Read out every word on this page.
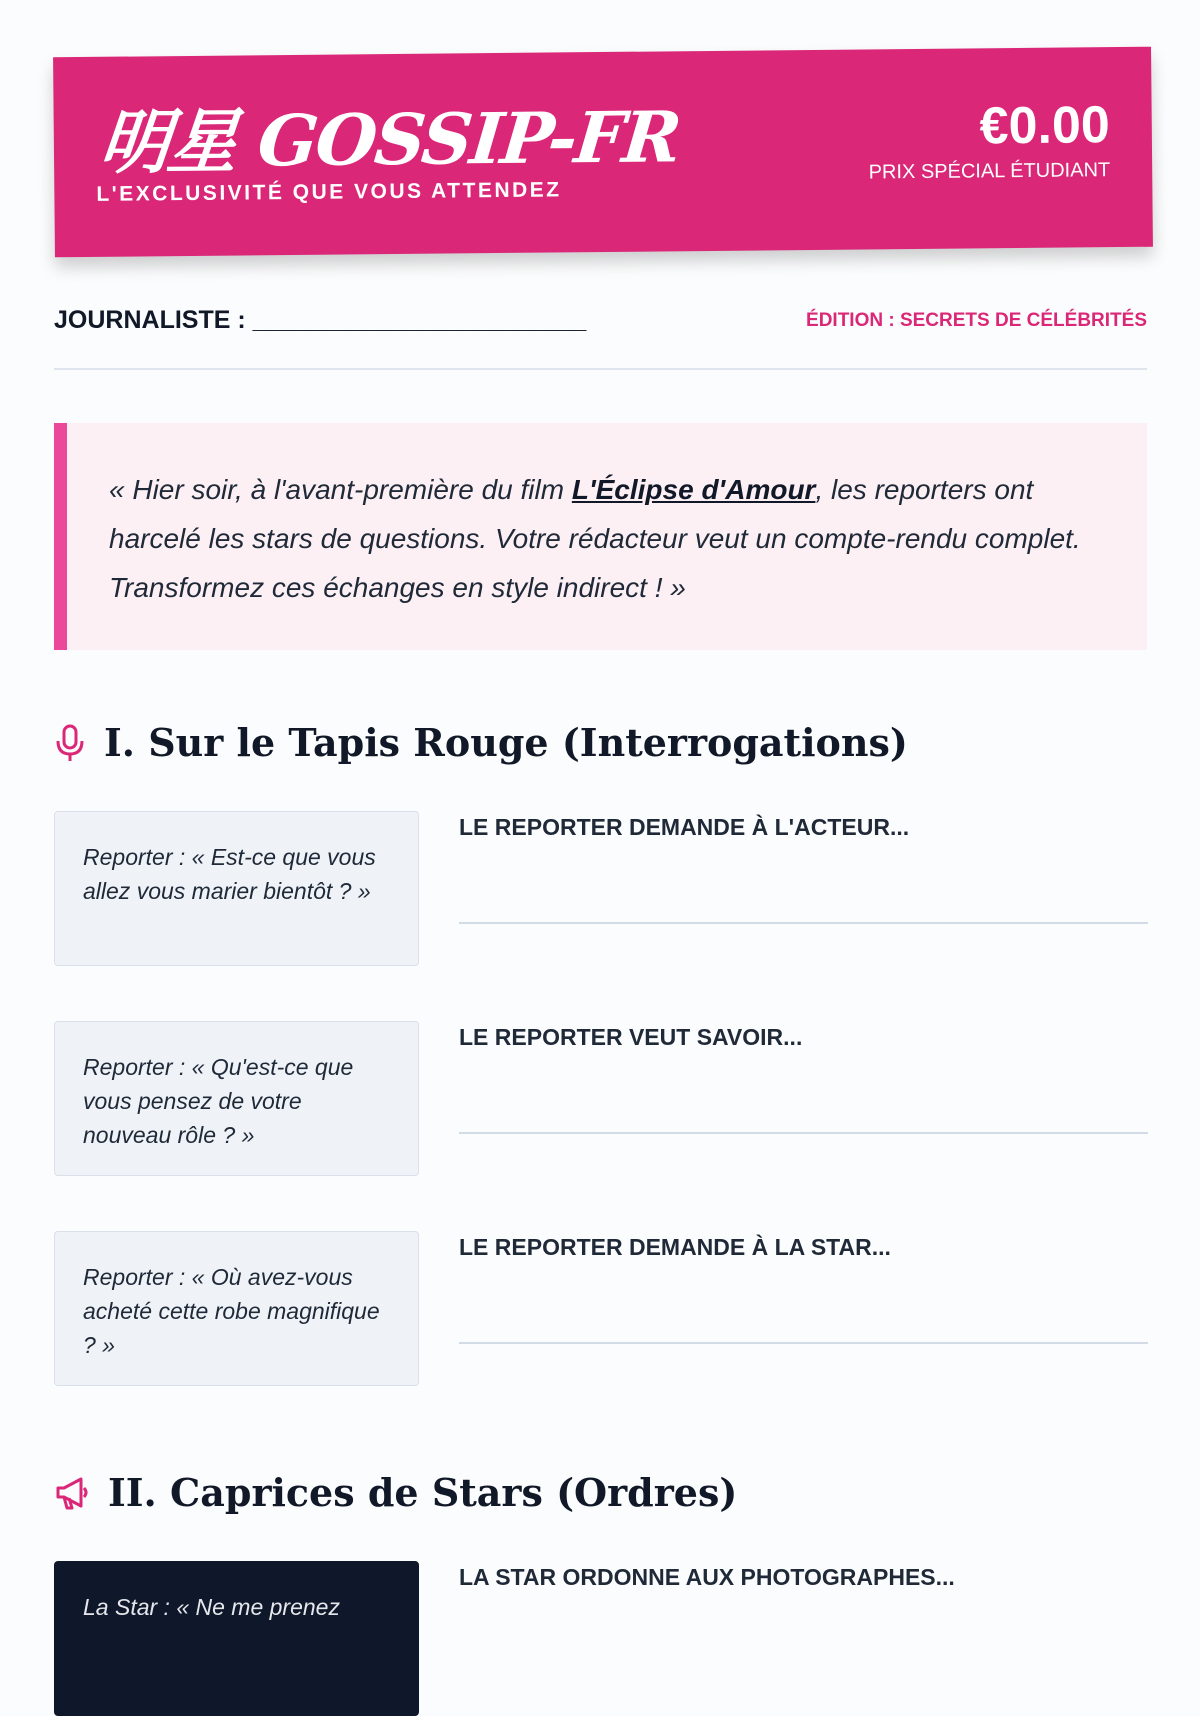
明星 GOSSIP-FR
L'EXCLUSIVITÉ QUE VOUS ATTENDEZ
€0.00
PRIX SPÉCIAL ÉTUDIANT
JOURNALISTE : ________________________	ÉDITION : SECRETS DE CÉLÉBRITÉS
« Hier soir, à l'avant-première du film L'Éclipse d'Amour, les reporters ont harcelé les stars de questions. Votre rédacteur veut un compte-rendu complet. Transformez ces échanges en style indirect ! »
I. Sur le Tapis Rouge (Interrogations)
Reporter : « Est-ce que vous allez vous marier bientôt ? »
LE REPORTER DEMANDE À L'ACTEUR...
Reporter : « Qu'est-ce que vous pensez de votre nouveau rôle ? »
LE REPORTER VEUT SAVOIR...
Reporter : « Où avez-vous acheté cette robe magnifique ? »
LE REPORTER DEMANDE À LA STAR...
II. Caprices de Stars (Ordres)
La Star : « Ne me prenez
LA STAR ORDONNE AUX PHOTOGRAPHES...
